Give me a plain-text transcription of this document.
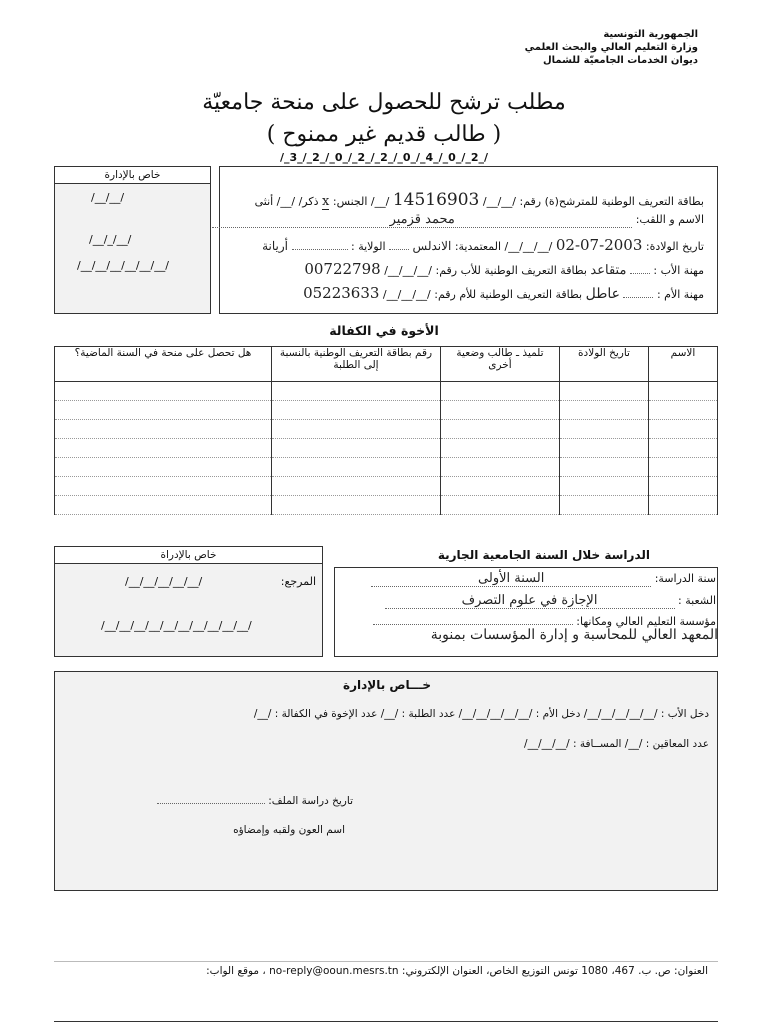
الجمهورية التونسية
وزارة التعليم العالي والبحث العلمي
ديوان الخدمات الجامعيّة للشمال
مطلب ترشح للحصول على منحة جامعيّة
( طالب قديم غير ممنوح )
/_3_/_2_/_0_/_2_/_2_/_0_/_4_/_0_/_2_/
خاص بالإدارة
/__/__/
/__/_/__/
/__/__/__/__/__/__/
بطاقة التعريف الوطنية للمترشح(ة) رقم: /__/__/ 14516903 /__/ الجنس: x ذكر/ /__/ أنثى
الاسم و اللقب: محمد قزمير
تاريخ الولادة: 2003-07-02 /__/__/__/ المعتمدية: الاندلس  الولاية :  أريانة
مهنة الأب :  متقاعد بطاقة التعريف الوطنية للأب رقم: /__/__/__/ 00722798
مهنة الأم :  عاطل بطاقة التعريف الوطنية للأم رقم: /__/__/__/ 05223633
الأخوة في الكفالة
الاسم	تاريخ الولادة	تلميذ ـ طالب وضعية أخرى	رقم بطاقة التعريف الوطنية بالنسبة إلى الطلبة	هل تحصل على منحة في السنة الماضية؟

خاص بالإدراة
المرجع:
/__/__/__/__/__/
/__/__/__/__/__/__/__/__/__/__/
الدراسة خلال السنة الجامعية الجارية
سنة الدراسة: السنة الأولى
الشعبة : الإجازة في علوم التصرف
مؤسسة التعليم العالي ومكانها:
المعهد العالي للمحاسبة و إدارة المؤسسات بمنوبة
خـــاص بالإدارة
دخل الأب : /__/__/__/__/__/ دخل الأم : /__/__/__/__/__/ عدد الطلبة : /__/ عدد الإخوة في الكفالة : /__/
عدد المعاقين : /__/ المســافة : /__/__/__/
تاريخ دراسة الملف:
اسم العون ولقبه وإمضاؤه
العنوان: ص. ب. 467، 1080 تونس التوزيع الخاص، العنوان الإلكتروني: no-reply@ooun.mesrs.tn ، موقع الواب:
